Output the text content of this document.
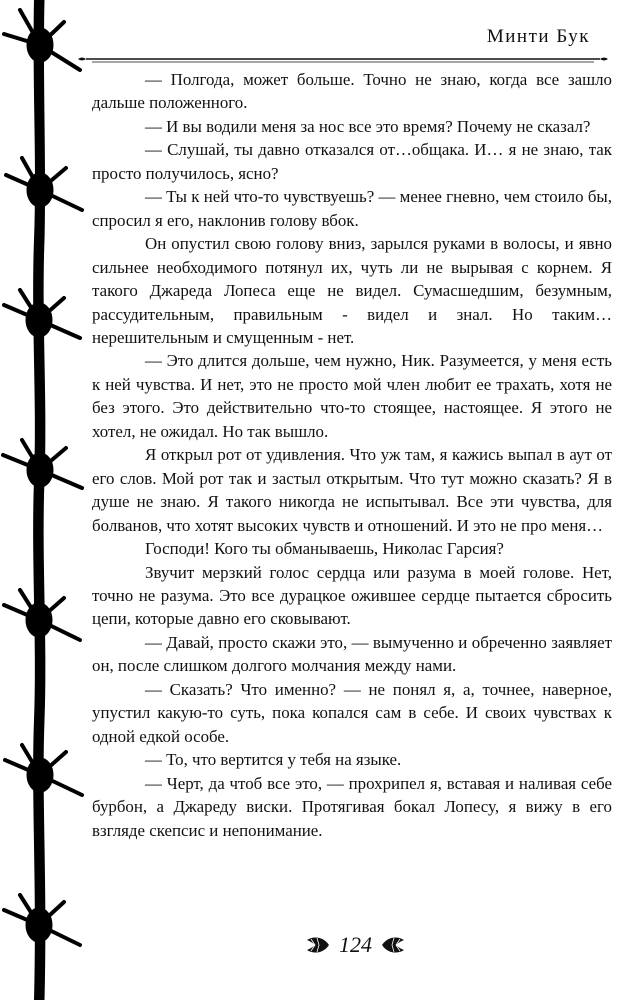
Минти Бук

— Полгода, может больше. Точно не знаю, когда все зашло дальше положенного.

— И вы водили меня за нос все это время? Почему не сказал?

— Слушай, ты давно отказался от…общака. И… я не знаю, так просто получилось, ясно?

— Ты к ней что-то чувствуешь? — менее гневно, чем стоило бы, спросил я его, наклонив голову вбок.

Он опустил свою голову вниз, зарылся руками в волосы, и явно сильнее необходимого потянул их, чуть ли не вырывая с корнем. Я такого Джареда Лопеса еще не видел. Сумасшедшим, безумным, рассудительным, правильным - видел и знал. Но таким… нерешительным и смущенным - нет.

— Это длится дольше, чем нужно, Ник. Разумеется, у меня есть к ней чувства. И нет, это не просто мой член любит ее трахать, хотя не без этого. Это действительно что-то стоящее, настоящее. Я этого не хотел, не ожидал. Но так вышло.

Я открыл рот от удивления. Что уж там, я кажись выпал в аут от его слов. Мой рот так и застыл открытым. Что тут можно сказать? Я в душе не знаю. Я такого никогда не испытывал. Все эти чувства, для болванов, что хотят высоких чувств и отношений. И это не про меня…

Господи! Кого ты обманываешь, Николас Гарсия?

Звучит мерзкий голос сердца или разума в моей голове. Нет, точно не разума. Это все дурацкое ожившее сердце пытается сбросить цепи, которые давно его сковывают.

— Давай, просто скажи это, — вымученно и обреченно заявляет он, после слишком долгого молчания между нами.

— Сказать? Что именно? — не понял я, а, точнее, наверное, упустил какую-то суть, пока копался сам в себе. И своих чувствах к одной едкой особе.

— То, что вертится у тебя на языке.

— Черт, да чтоб все это, — прохрипел я, вставая и наливая себе бурбон, а Джареду виски. Протягивая бокал Лопесу, я вижу в его взгляде скепсис и непонимание.

124
